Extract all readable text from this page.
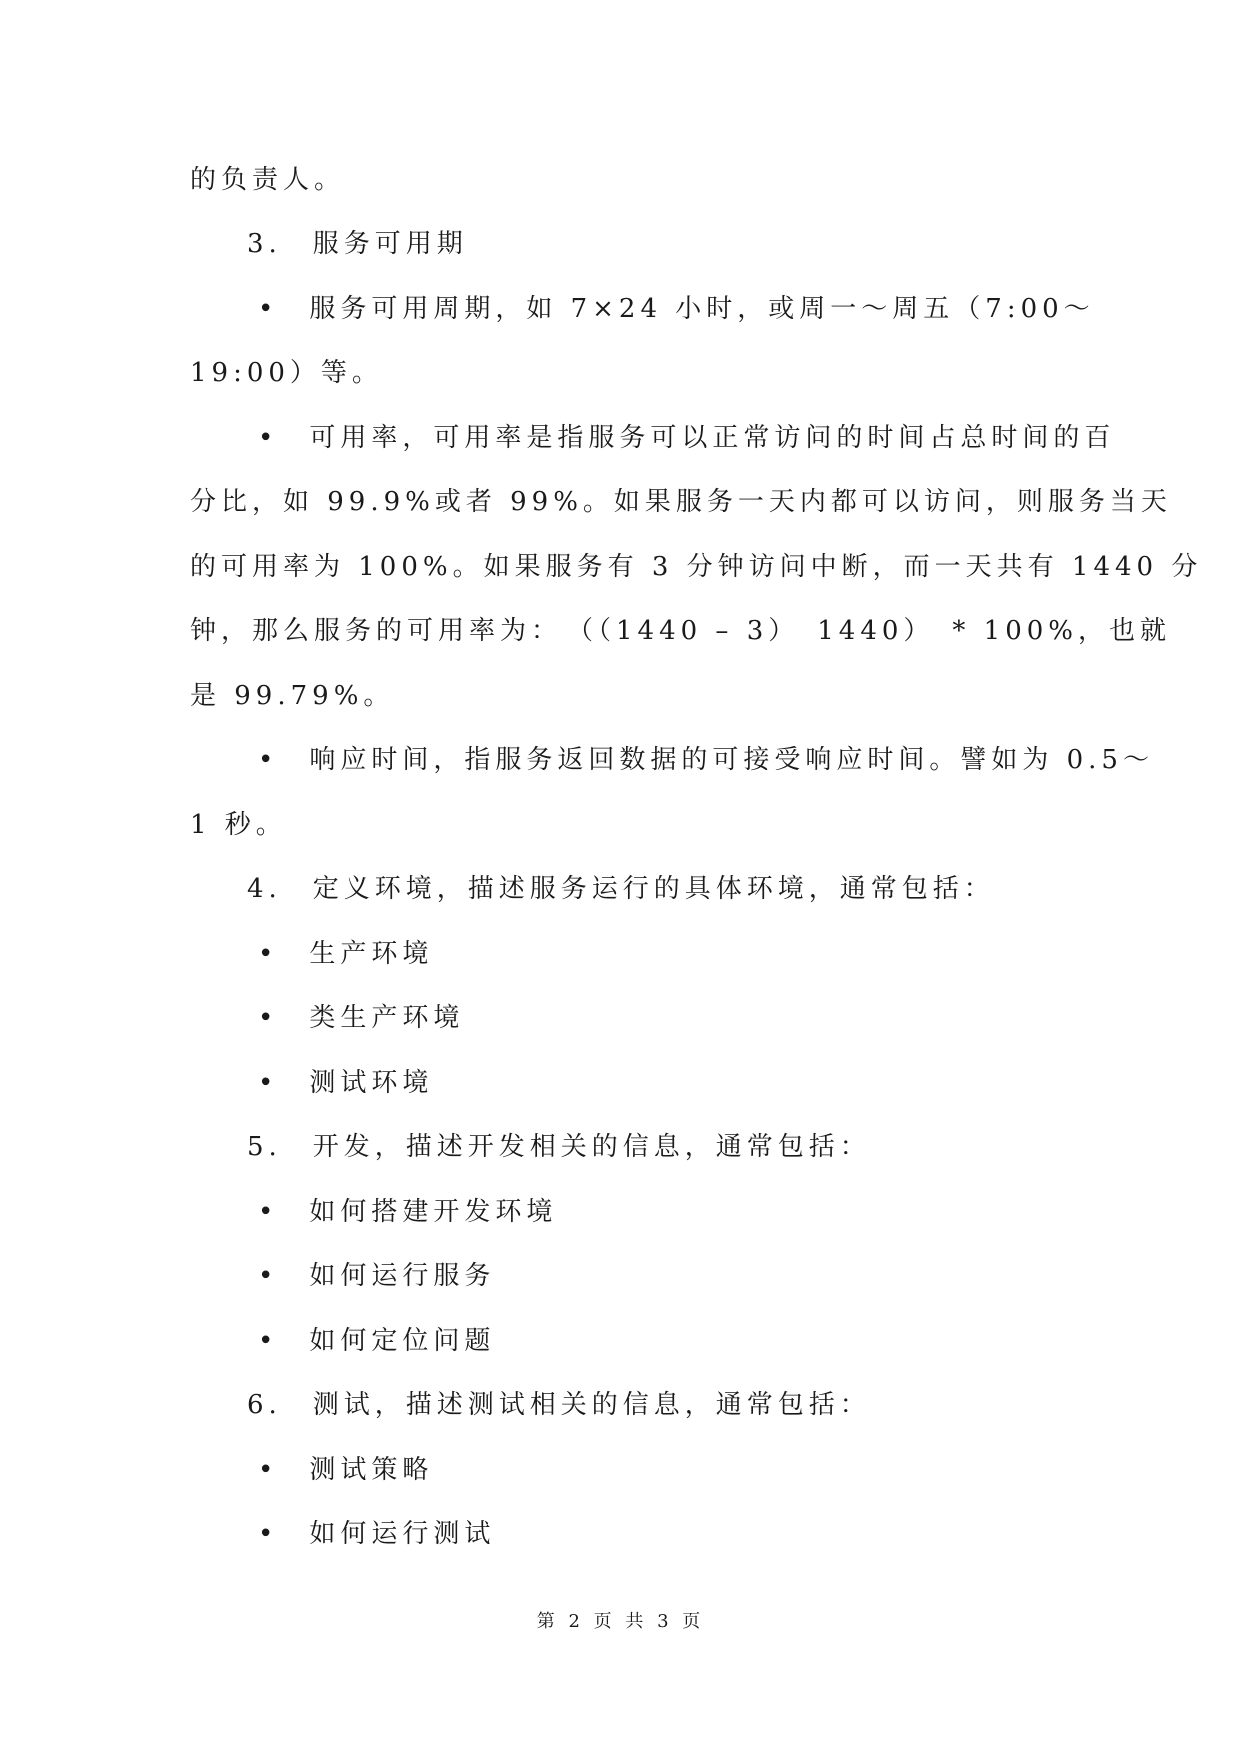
的负责人。
3.　服务可用期
•　服务可用周期，如 7×24 小时，或周一～周五（7:00～
19:00）等。
•　可用率，可用率是指服务可以正常访问的时间占总时间的百
分比，如 99.9%或者 99%。如果服务一天内都可以访问，则服务当天
的可用率为 100%。如果服务有 3 分钟访问中断，而一天共有 1440 分
钟，那么服务的可用率为：　（（1440 – 3）　1440）　* 100%，也就
是 99.79%。
•　响应时间，指服务返回数据的可接受响应时间。譬如为 0.5～
1 秒。
4.　定义环境，描述服务运行的具体环境，通常包括：
•　生产环境
•　类生产环境
•　测试环境
5.　开发，描述开发相关的信息，通常包括：
•　如何搭建开发环境
•　如何运行服务
•　如何定位问题
6.　测试，描述测试相关的信息，通常包括：
•　测试策略
•　如何运行测试
第 2 页 共 3 页
